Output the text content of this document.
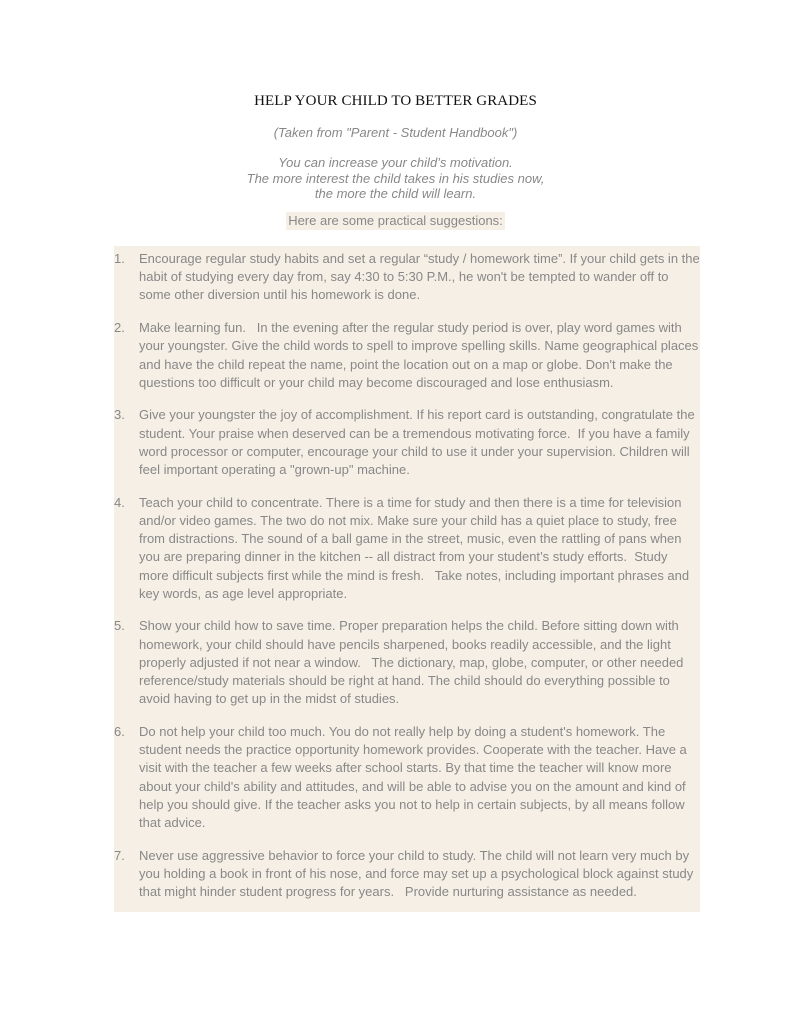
HELP YOUR CHILD TO BETTER GRADES

(Taken from "Parent - Student Handbook")

You can increase your child’s motivation.
The more interest the child takes in his studies now,
the more the child will learn.

Here are some practical suggestions:
1. Encourage regular study habits and set a regular “study / homework time”. If your child gets in the habit of studying every day from, say 4:30 to 5:30 P.M., he won't be tempted to wander off to some other diversion until his homework is done.
2. Make learning fun.   In the evening after the regular study period is over, play word games with your youngster. Give the child words to spell to improve spelling skills. Name geographical places and have the child repeat the name, point the location out on a map or globe. Don't make the questions too difficult or your child may become discouraged and lose enthusiasm.
3. Give your youngster the joy of accomplishment. If his report card is outstanding, congratulate the student. Your praise when deserved can be a tremendous motivating force.  If you have a family word processor or computer, encourage your child to use it under your supervision. Children will feel important operating a "grown-up" machine.
4. Teach your child to concentrate. There is a time for study and then there is a time for television and/or video games. The two do not mix. Make sure your child has a quiet place to study, free from distractions. The sound of a ball game in the street, music, even the rattling of pans when you are preparing dinner in the kitchen -- all distract from your student’s study efforts.  Study more difficult subjects first while the mind is fresh.   Take notes, including important phrases and key words, as age level appropriate.
5. Show your child how to save time. Proper preparation helps the child. Before sitting down with homework, your child should have pencils sharpened, books readily accessible, and the light properly adjusted if not near a window.   The dictionary, map, globe, computer, or other needed reference/study materials should be right at hand. The child should do everything possible to avoid having to get up in the midst of studies.
6. Do not help your child too much. You do not really help by doing a student's homework. The student needs the practice opportunity homework provides. Cooperate with the teacher. Have a visit with the teacher a few weeks after school starts. By that time the teacher will know more about your child's ability and attitudes, and will be able to advise you on the amount and kind of help you should give. If the teacher asks you not to help in certain subjects, by all means follow that advice.
7. Never use aggressive behavior to force your child to study. The child will not learn very much by you holding a book in front of his nose, and force may set up a psychological block against study that might hinder student progress for years.   Provide nurturing assistance as needed.
